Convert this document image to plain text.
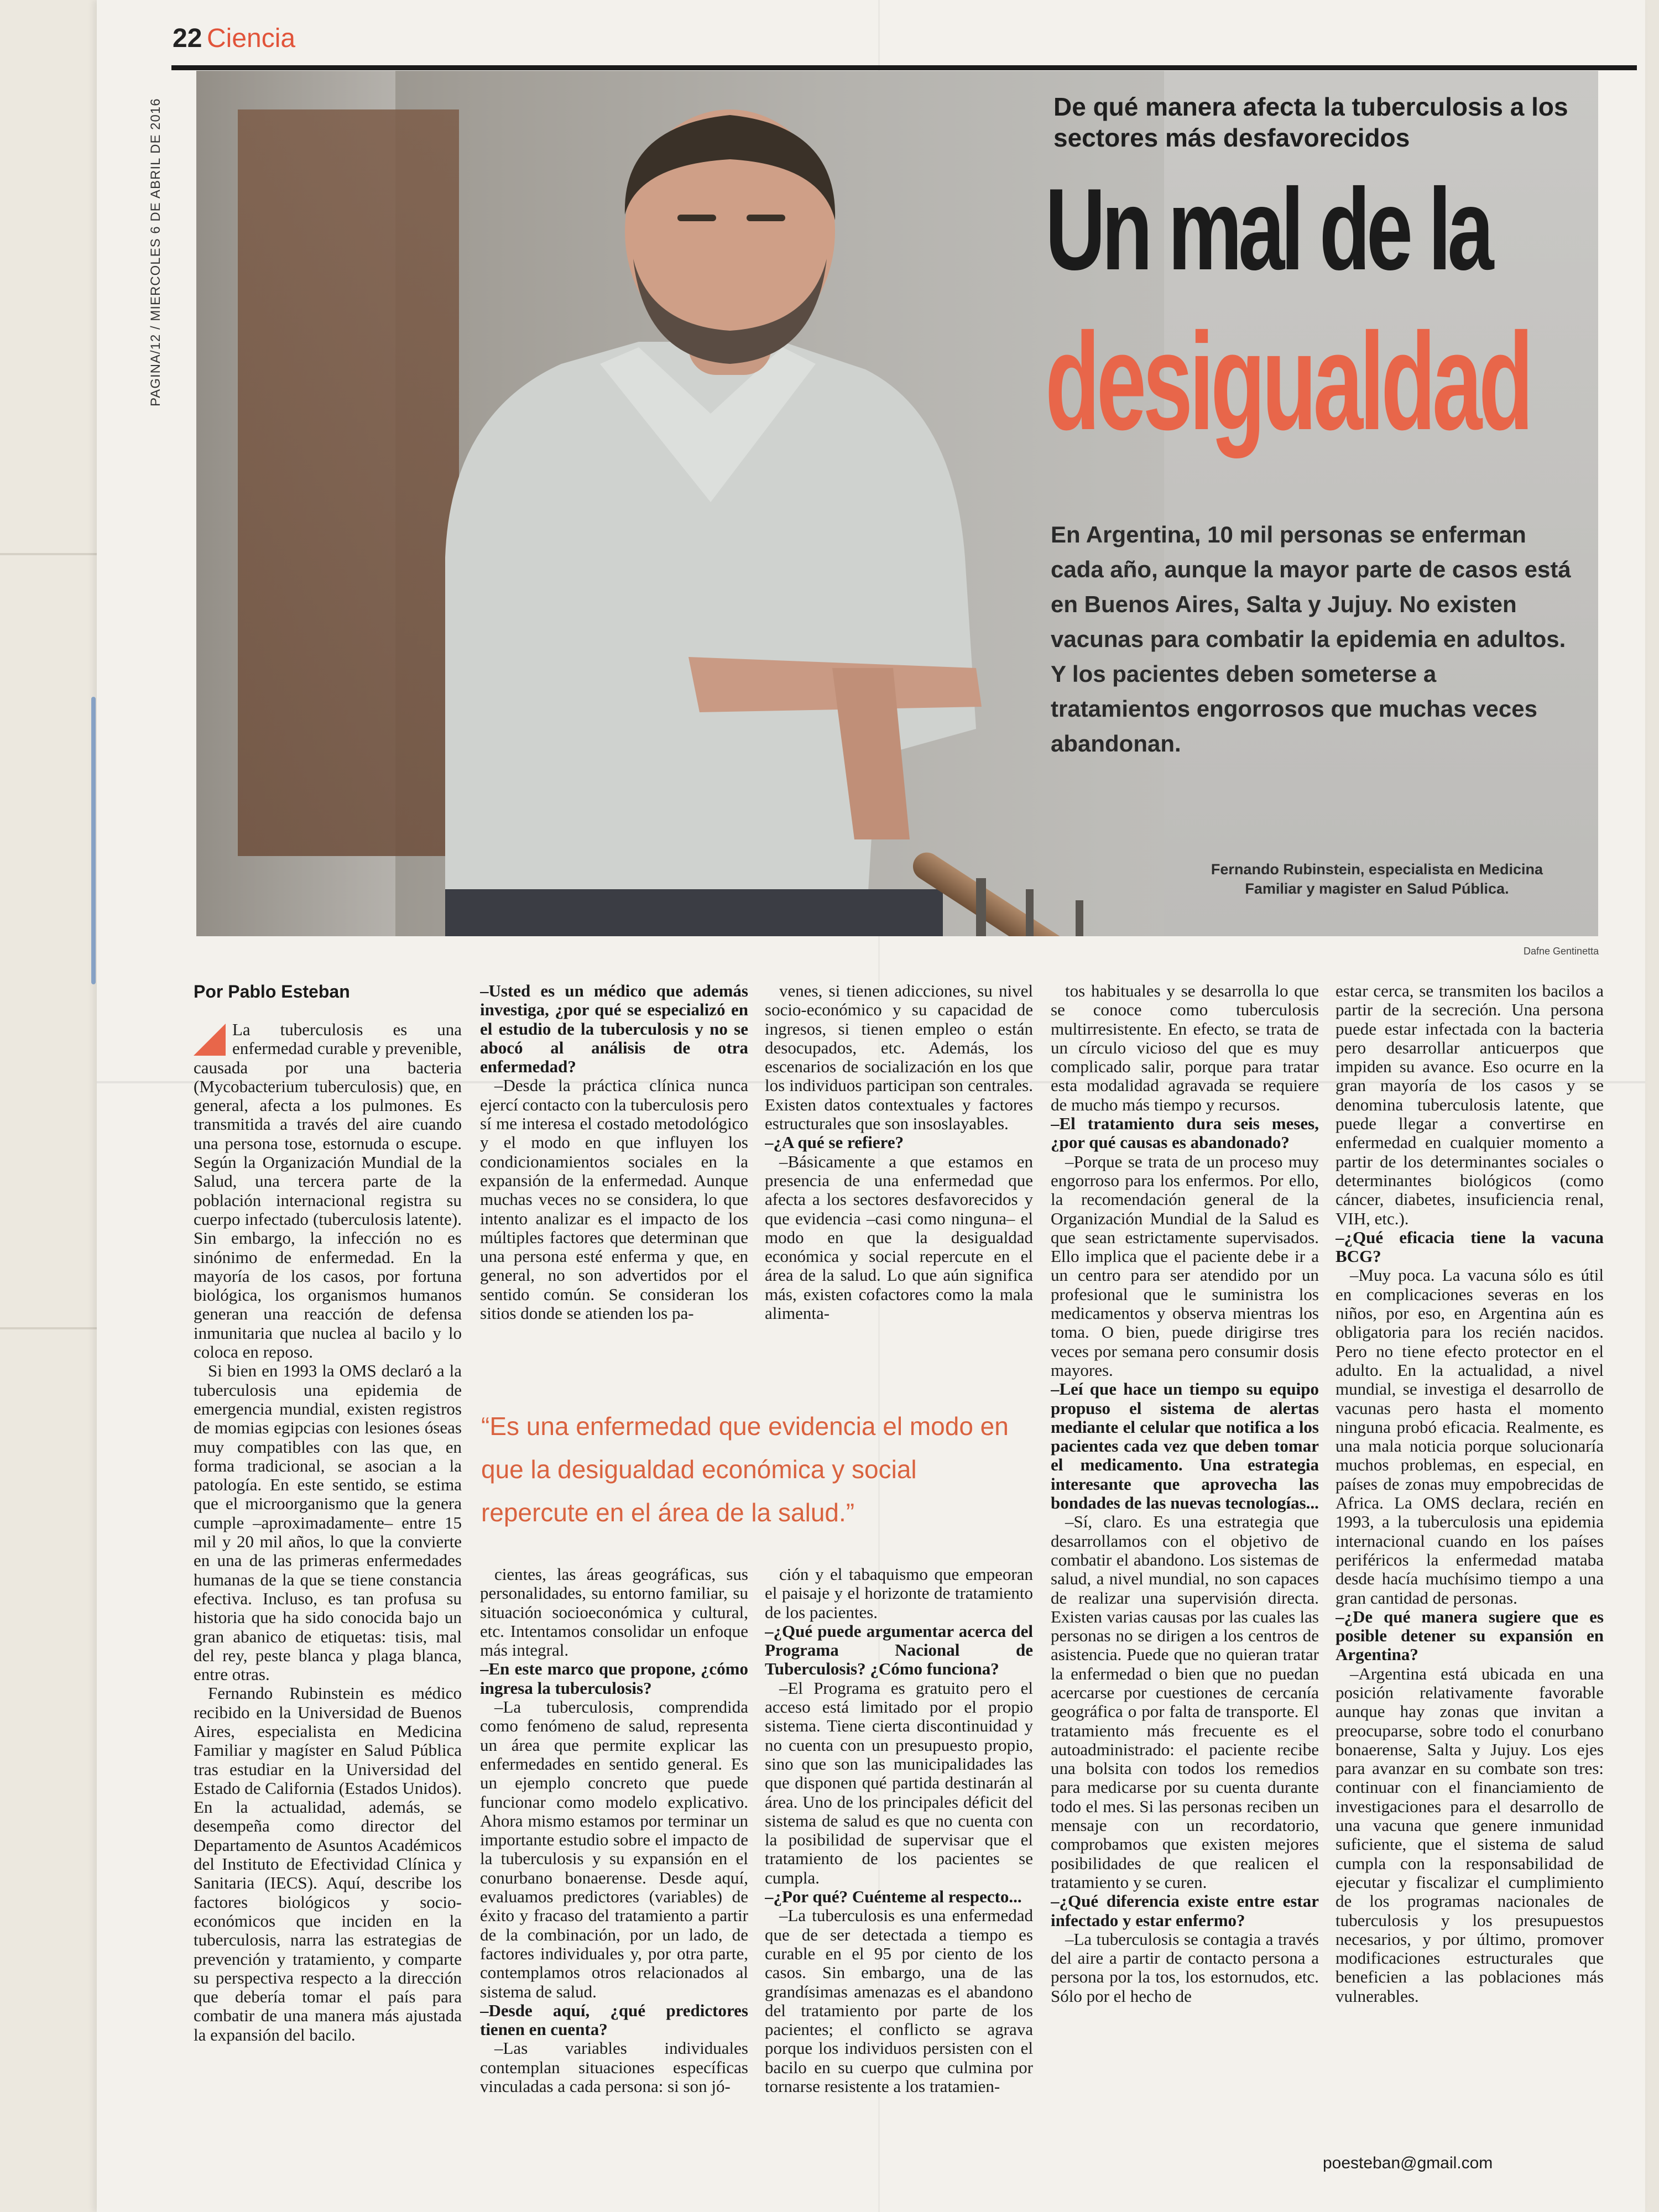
22 Ciencia
PAGINA/12 / MIERCOLES 6 DE ABRIL DE 2016	De qué manera afecta la tuberculosis a los sectores más desfavorecidos
Un mal de la
desigualdad
En Argentina, 10 mil personas se enferman cada año, aunque la mayor parte de casos está en Buenos Aires, Salta y Jujuy. No existen vacunas para combatir la epidemia en adultos. Y los pacientes deben someterse a tratamientos engorrosos que muchas veces abandonan.
Fernando Rubinstein, especialista en Medicina Familiar y magister en Salud Pública.
Dafne Gentinetta
Por Pablo Esteban

La tuberculosis es una enfermedad curable y prevenible, causada por una bacteria (Mycobacterium tuberculosis) que, en general, afecta a los pulmones. Es transmitida a través del aire cuando una persona tose, estornuda o escupe. Según la Organización Mundial de la Salud, una tercera parte de la población internacional registra su cuerpo infectado (tuberculosis latente). Sin embargo, la infección no es sinónimo de enfermedad. En la mayoría de los casos, por fortuna biológica, los organismos humanos generan una reacción de defensa inmunitaria que nuclea al bacilo y lo coloca en reposo.

Si bien en 1993 la OMS declaró a la tuberculosis una epidemia de emergencia mundial, existen registros de momias egipcias con lesiones óseas muy compatibles con las que, en forma tradicional, se asocian a la patología. En este sentido, se estima que el microorganismo que la genera cumple –aproximadamente– entre 15 mil y 20 mil años, lo que la convierte en una de las primeras enfermedades humanas de la que se tiene constancia efectiva. Incluso, es tan profusa su historia que ha sido conocida bajo un gran abanico de etiquetas: tisis, mal del rey, peste blanca y plaga blanca, entre otras.

Fernando Rubinstein es médico recibido en la Universidad de Buenos Aires, especialista en Medicina Familiar y magíster en Salud Pública tras estudiar en la Universidad del Estado de California (Estados Unidos). En la actualidad, además, se desempeña como director del Departamento de Asuntos Académicos del Instituto de Efectividad Clínica y Sanitaria (IECS). Aquí, describe los factores biológicos y socio-económicos que inciden en la tuberculosis, narra las estrategias de prevención y tratamiento, y comparte su perspectiva respecto a la dirección que debería tomar el país para combatir de una manera más ajustada la expansión del bacilo.

–Usted es un médico que además investiga, ¿por qué se especializó en el estudio de la tuberculosis y no se abocó al análisis de otra enfermedad?

–Desde la práctica clínica nunca ejercí contacto con la tuberculosis pero sí me interesa el costado metodológico y el modo en que influyen los condicionamientos sociales en la expansión de la enfermedad. Aunque muchas veces no se considera, lo que intento analizar es el impacto de los múltiples factores que determinan que una persona esté enferma y que, en general, no son advertidos por el sentido común. Se consideran los sitios donde se atienden los pa-

venes, si tienen adicciones, su nivel socio-económico y su capacidad de ingresos, si tienen empleo o están desocupados, etc. Además, los escenarios de socialización en los que los individuos participan son centrales. Existen datos contextuales y factores estructurales que son insoslayables.

–¿A qué se refiere?

–Básicamente a que estamos en presencia de una enfermedad que afecta a los sectores desfavorecidos y que evidencia –casi como ninguna– el modo en que la desigualdad económica y social repercute en el área de la salud. Lo que aún significa más, existen cofactores como la mala alimenta-

“Es una enfermedad que evidencia el modo en que la desigualdad económica y social repercute en el área de la salud.”

cientes, las áreas geográficas, sus personalidades, su entorno familiar, su situación socioeconómica y cultural, etc. Intentamos consolidar un enfoque más integral.

–En este marco que propone, ¿cómo ingresa la tuberculosis?

–La tuberculosis, comprendida como fenómeno de salud, representa un área que permite explicar las enfermedades en sentido general. Es un ejemplo concreto que puede funcionar como modelo explicativo. Ahora mismo estamos por terminar un importante estudio sobre el impacto de la tuberculosis y su expansión en el conurbano bonaerense. Desde aquí, evaluamos predictores (variables) de éxito y fracaso del tratamiento a partir de la combinación, por un lado, de factores individuales y, por otra parte, contemplamos otros relacionados al sistema de salud.

–Desde aquí, ¿qué predictores tienen en cuenta?

–Las variables individuales contemplan situaciones específicas vinculadas a cada persona: si son jó-

ción y el tabaquismo que empeoran el paisaje y el horizonte de tratamiento de los pacientes.

–¿Qué puede argumentar acerca del Programa Nacional de Tuberculosis? ¿Cómo funciona?

–El Programa es gratuito pero el acceso está limitado por el propio sistema. Tiene cierta discontinuidad y no cuenta con un presupuesto propio, sino que son las municipalidades las que disponen qué partida destinarán al área. Uno de los principales déficit del sistema de salud es que no cuenta con la posibilidad de supervisar que el tratamiento de los pacientes se cumpla.

–¿Por qué? Cuénteme al respecto...

–La tuberculosis es una enfermedad que de ser detectada a tiempo es curable en el 95 por ciento de los casos. Sin embargo, una de las grandísimas amenazas es el abandono del tratamiento por parte de los pacientes; el conflicto se agrava porque los individuos persisten con el bacilo en su cuerpo que culmina por tornarse resistente a los tratamien-

tos habituales y se desarrolla lo que se conoce como tuberculosis multirresistente. En efecto, se trata de un círculo vicioso del que es muy complicado salir, porque para tratar esta modalidad agravada se requiere de mucho más tiempo y recursos.

–El tratamiento dura seis meses, ¿por qué causas es abandonado?

–Porque se trata de un proceso muy engorroso para los enfermos. Por ello, la recomendación general de la Organización Mundial de la Salud es que sean estrictamente supervisados. Ello implica que el paciente debe ir a un centro para ser atendido por un profesional que le suministra los medicamentos y observa mientras los toma. O bien, puede dirigirse tres veces por semana pero consumir dosis mayores.

–Leí que hace un tiempo su equipo propuso el sistema de alertas mediante el celular que notifica a los pacientes cada vez que deben tomar el medicamento. Una estrategia interesante que aprovecha las bondades de las nuevas tecnologías...

–Sí, claro. Es una estrategia que desarrollamos con el objetivo de combatir el abandono. Los sistemas de salud, a nivel mundial, no son capaces de realizar una supervisión directa. Existen varias causas por las cuales las personas no se dirigen a los centros de asistencia. Puede que no quieran tratar la enfermedad o bien que no puedan acercarse por cuestiones de cercanía geográfica o por falta de transporte. El tratamiento más frecuente es el autoadministrado: el paciente recibe una bolsita con todos los remedios para medicarse por su cuenta durante todo el mes. Si las personas reciben un mensaje con un recordatorio, comprobamos que existen mejores posibilidades de que realicen el tratamiento y se curen.

–¿Qué diferencia existe entre estar infectado y estar enfermo?

–La tuberculosis se contagia a través del aire a partir de contacto persona a persona por la tos, los estornudos, etc. Sólo por el hecho de

estar cerca, se transmiten los bacilos a partir de la secreción. Una persona puede estar infectada con la bacteria pero desarrollar anticuerpos que impiden su avance. Eso ocurre en la gran mayoría de los casos y se denomina tuberculosis latente, que puede llegar a convertirse en enfermedad en cualquier momento a partir de los determinantes sociales o determinantes biológicos (como cáncer, diabetes, insuficiencia renal, VIH, etc.).

–¿Qué eficacia tiene la vacuna BCG?

–Muy poca. La vacuna sólo es útil en complicaciones severas en los niños, por eso, en Argentina aún es obligatoria para los recién nacidos. Pero no tiene efecto protector en el adulto. En la actualidad, a nivel mundial, se investiga el desarrollo de vacunas pero hasta el momento ninguna probó eficacia. Realmente, es una mala noticia porque solucionaría muchos problemas, en especial, en países de zonas muy empobrecidas de Africa. La OMS declara, recién en 1993, a la tuberculosis una epidemia internacional cuando en los países periféricos la enfermedad mataba desde hacía muchísimo tiempo a una gran cantidad de personas.

–¿De qué manera sugiere que es posible detener su expansión en Argentina?

–Argentina está ubicada en una posición relativamente favorable aunque hay zonas que invitan a preocuparse, sobre todo el conurbano bonaerense, Salta y Jujuy. Los ejes para avanzar en su combate son tres: continuar con el financiamiento de investigaciones para el desarrollo de una vacuna que genere inmunidad suficiente, que el sistema de salud cumpla con la responsabilidad de ejecutar y fiscalizar el cumplimiento de los programas nacionales de tuberculosis y los presupuestos necesarios, y por último, promover modificaciones estructurales que beneficien a las poblaciones más vulnerables.

poesteban@gmail.com
